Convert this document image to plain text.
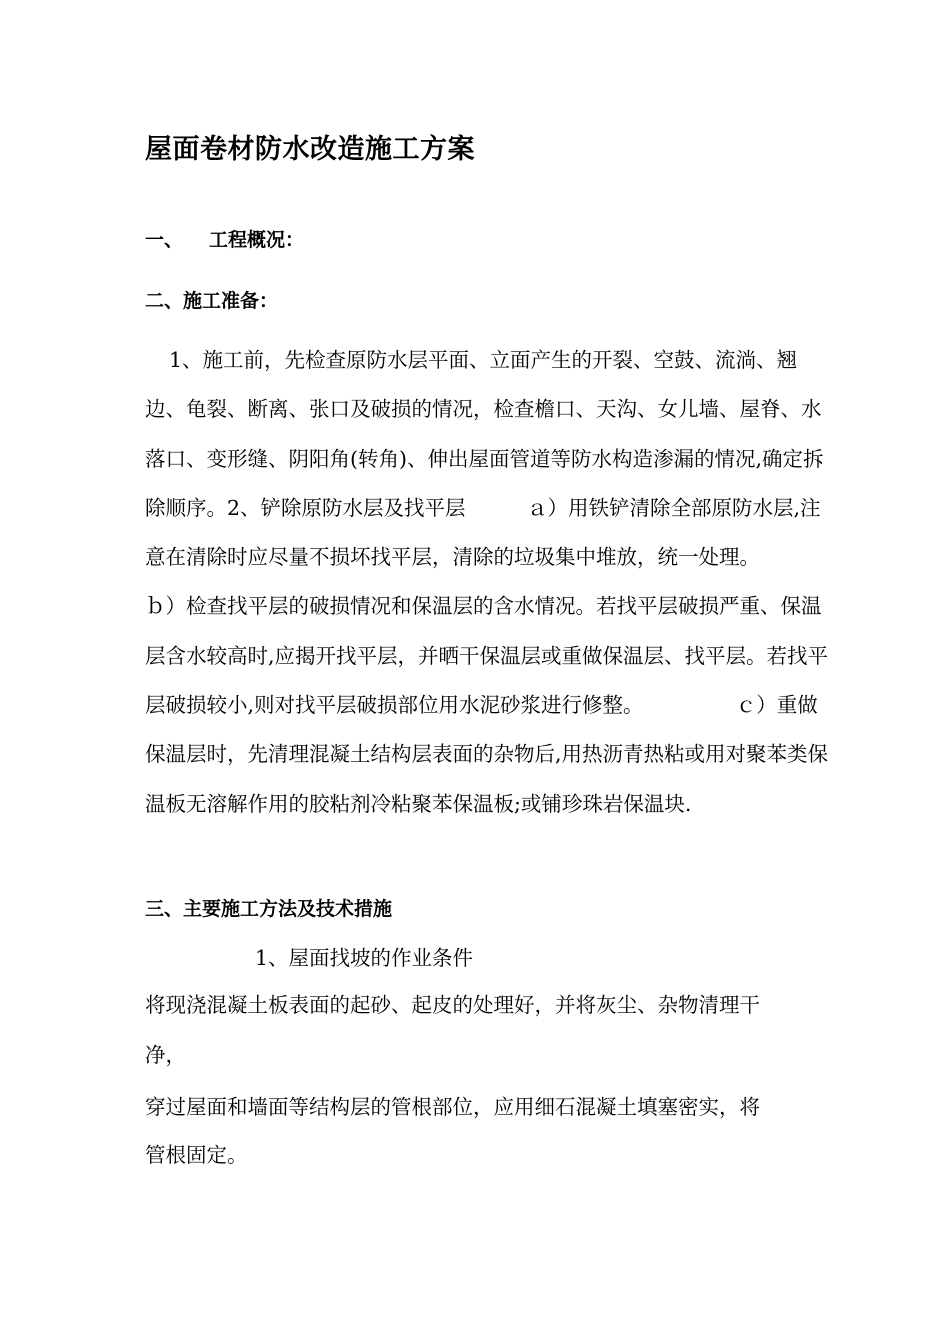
屋面卷材防水改造施工方案
一、 工程概况：
二、施工准备：

1、施工前，先检查原防水层平面、立面产生的开裂、空鼓、流淌、翘边、龟裂、断离、张口及破损的情况，检查檐口、天沟、女儿墙、屋脊、水落口、变形缝、阴阳角(转角)、伸出屋面管道等防水构造渗漏的情况,确定拆除顺序。2、铲除原防水层及找平层　　　ａ）用铁铲清除全部原防水层,注意在清除时应尽量不损坏找平层，清除的垃圾集中堆放，统一处理。　　　　ｂ）检查找平层的破损情况和保温层的含水情况。若找平层破损严重、保温层含水较高时,应揭开找平层，并晒干保温层或重做保温层、找平层。若找平层破损较小,则对找平层破损部位用水泥砂浆进行修整。　　　　　ｃ）重做保温层时，先清理混凝土结构层表面的杂物后,用热沥青热粘或用对聚苯类保温板无溶解作用的胶粘剂冷粘聚苯保温板;或铺珍珠岩保温块.

三、主要施工方法及技术措施
1、屋面找坡的作业条件
将现浇混凝土板表面的起砂、起皮的处理好，并将灰尘、杂物清理干
净，
穿过屋面和墙面等结构层的管根部位，应用细石混凝土填塞密实，将
管根固定。
